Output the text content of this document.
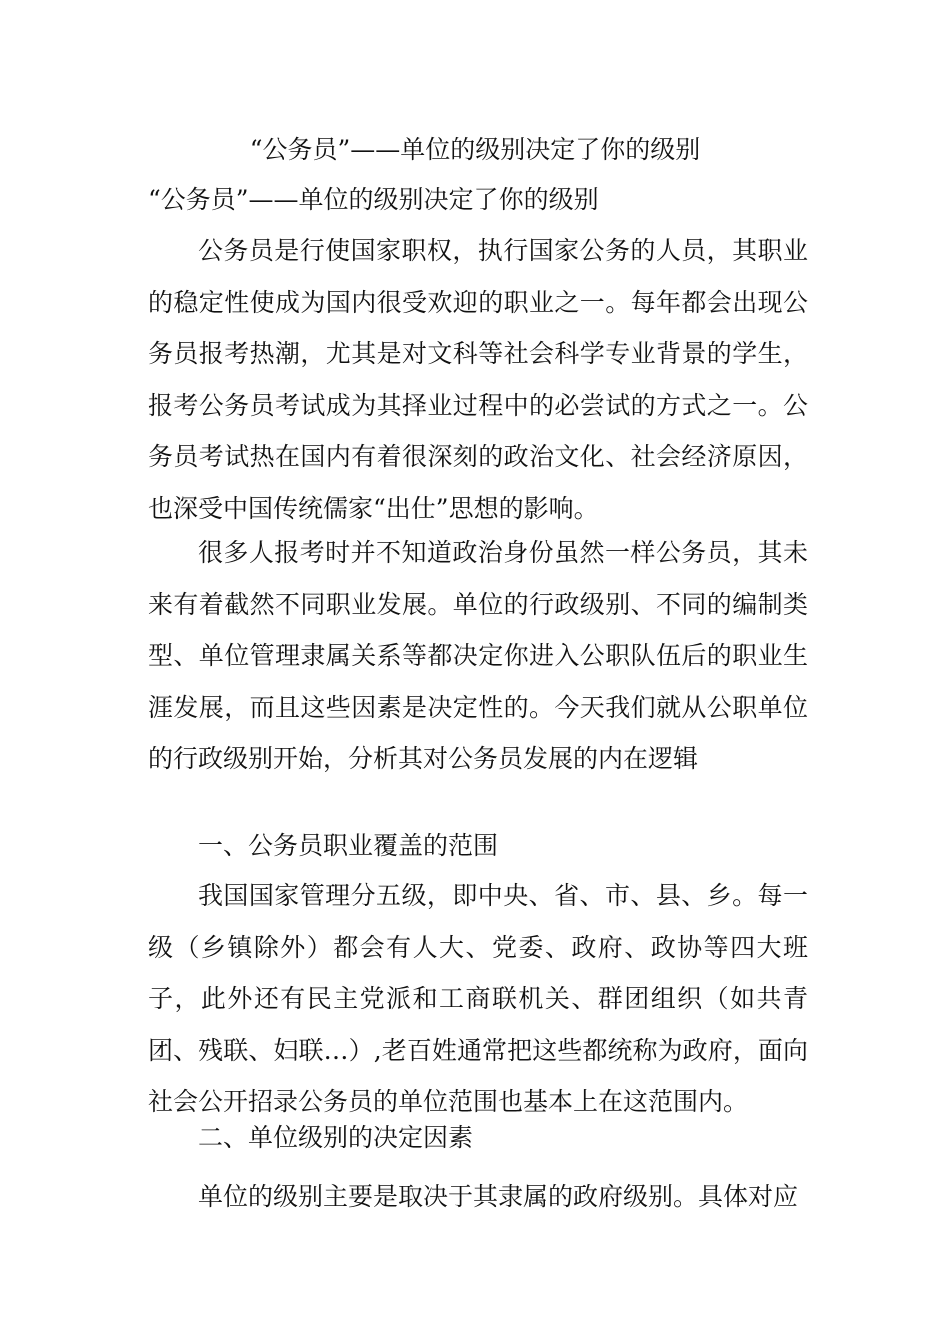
“公务员”——单位的级别决定了你的级别
“公务员”——单位的级别决定了你的级别

公务员是行使国家职权，执行国家公务的人员，其职业的稳定性使成为国内很受欢迎的职业之一。每年都会出现公务员报考热潮，尤其是对文科等社会科学专业背景的学生，报考公务员考试成为其择业过程中的必尝试的方式之一。公务员考试热在国内有着很深刻的政治文化、社会经济原因，也深受中国传统儒家“出仕”思想的影响。

很多人报考时并不知道政治身份虽然一样公务员，其未来有着截然不同职业发展。单位的行政级别、不同的编制类型、单位管理隶属关系等都决定你进入公职队伍后的职业生涯发展，而且这些因素是决定性的。今天我们就从公职单位的行政级别开始，分析其对公务员发展的内在逻辑

一、公务员职业覆盖的范围

我国国家管理分五级，即中央、省、市、县、乡。每一级（乡镇除外）都会有人大、党委、政府、政协等四大班子，此外还有民主党派和工商联机关、群团组织（如共青团、残联、妇联…）,老百姓通常把这些都统称为政府，面向社会公开招录公务员的单位范围也基本上在这范围内。

二、单位级别的决定因素

单位的级别主要是取决于其隶属的政府级别。具体对应
